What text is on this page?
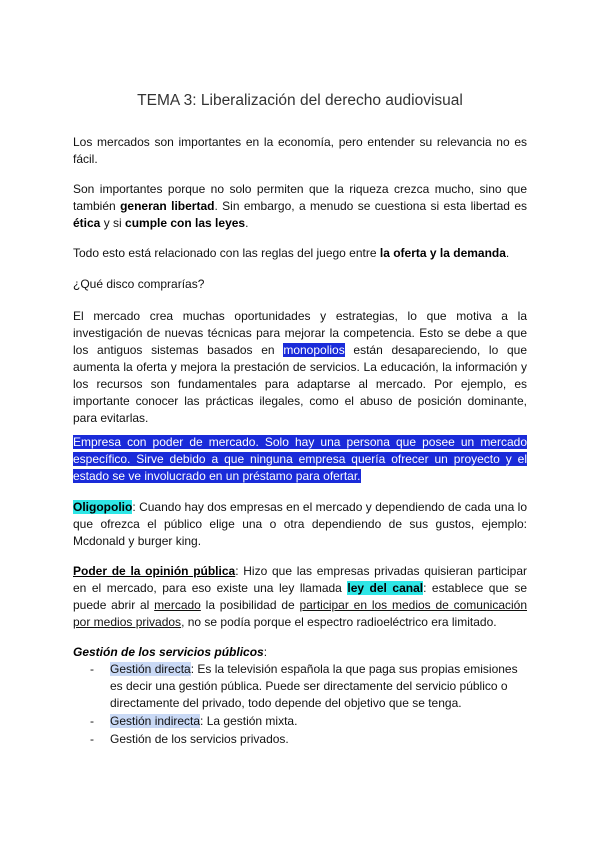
TEMA 3: Liberalización del derecho audiovisual

Los mercados son importantes en la economía, pero entender su relevancia no es fácil.

Son importantes porque no solo permiten que la riqueza crezca mucho, sino que también generan libertad. Sin embargo, a menudo se cuestiona si esta libertad es ética y si cumple con las leyes.

Todo esto está relacionado con las reglas del juego entre la oferta y la demanda.

¿Qué disco comprarías?

El mercado crea muchas oportunidades y estrategias, lo que motiva a la investigación de nuevas técnicas para mejorar la competencia. Esto se debe a que los antiguos sistemas basados en monopolios están desapareciendo, lo que aumenta la oferta y mejora la prestación de servicios. La educación, la información y los recursos son fundamentales para adaptarse al mercado. Por ejemplo, es importante conocer las prácticas ilegales, como el abuso de posición dominante, para evitarlas.

Empresa con poder de mercado. Solo hay una persona que posee un mercado específico. Sirve debido a que ninguna empresa quería ofrecer un proyecto y el estado se ve involucrado en un préstamo para ofertar.

Oligopolio: Cuando hay dos empresas en el mercado y dependiendo de cada una lo que ofrezca el público elige una o otra dependiendo de sus gustos, ejemplo: Mcdonald y burger king.

Poder de la opinión pública: Hizo que las empresas privadas quisieran participar en el mercado, para eso existe una ley llamada ley del canal: establece que se puede abrir al mercado la posibilidad de participar en los medios de comunicación por medios privados, no se podía porque el espectro radioeléctrico era limitado.

Gestión de los servicios públicos:

- Gestión directa: Es la televisión española la que paga sus propias emisiones es decir una gestión pública. Puede ser directamente del servicio público o directamente del privado, todo depende del objetivo que se tenga.
- Gestión indirecta: La gestión mixta.
- Gestión de los servicios privados.
